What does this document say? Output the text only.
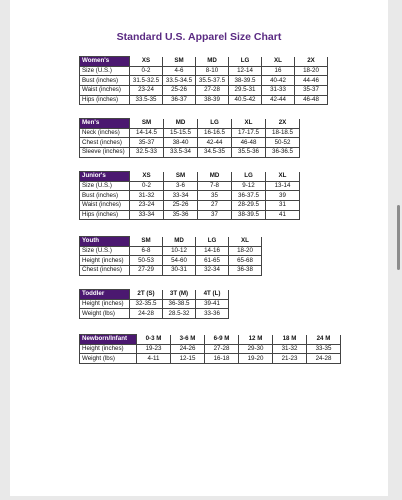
Standard U.S. Apparel Size Chart
Women's	XS	SM	MD	LG	XL	2X
Size (U.S.)	0-2	4-6	8-10	12-14	16	18-20
Bust (inches)	31.5-32.5	33.5-34.5	35.5-37.5	38-39.5	40-42	44-46
Waist (inches)	23-24	25-26	27-28	29.5-31	31-33	35-37
Hips (inches)	33.5-35	36-37	38-39	40.5-42	42-44	46-48
Men's	SM	MD	LG	XL	2X
Neck (inches)	14-14.5	15-15.5	16-16.5	17-17.5	18-18.5
Chest (inches)	35-37	38-40	42-44	46-48	50-52
Sleeve (inches)	32.5-33	33.5-34	34.5-35	35.5-36	36-36.5
Junior's	XS	SM	MD	LG	XL
Size (U.S.)	0-2	3-6	7-8	9-12	13-14
Bust (inches)	31-32	33-34	35	36-37.5	39
Waist (inches)	23-24	25-26	27	28-29.5	31
Hips (inches)	33-34	35-36	37	38-39.5	41
Youth	SM	MD	LG	XL
Size (U.S.)	6-8	10-12	14-16	18-20
Height (inches)	50-53	54-60	61-65	65-68
Chest (inches)	27-29	30-31	32-34	36-38
Toddler	2T (S)	3T (M)	4T (L)
Height (inches)	32-35.5	36-38.5	39-41
Weight (lbs)	24-28	28.5-32	33-36
Newborn/Infant	0-3 M	3-6 M	6-9 M	12 M	18 M	24 M
Height (inches)	19-23	24-26	27-28	29-30	31-32	33-35
Weight (lbs)	4-11	12-15	16-18	19-20	21-23	24-28
